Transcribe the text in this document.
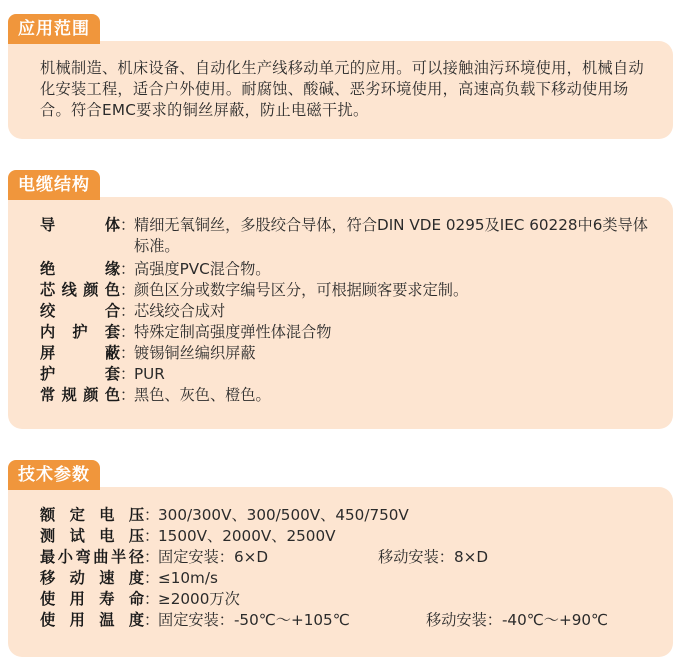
应用范围
机械制造、机床设备、自动化生产线移动单元的应用。可以接触油污环境使用，机械自动化安装工程，适合户外使用。耐腐蚀、酸碱、恶劣环境使用，高速高负载下移动使用场合。符合EMC要求的铜丝屏蔽，防止电磁干扰。
电缆结构
导体：精细无氧铜丝，多股绞合导体，符合DIN VDE 0295及IEC 60228中6类导体标准。
绝缘：高强度PVC混合物。
芯线颜色：颜色区分或数字编号区分，可根据顾客要求定制。
绞合：芯线绞合成对
内护套：特殊定制高强度弹性体混合物
屏蔽：镀锡铜丝编织屏蔽
护套：PUR
常规颜色：黑色、灰色、橙色。
技术参数
额定电压：300/300V、300/500V、450/750V
测试电压：1500V、2000V、2500V
最小弯曲半径：固定安装：6×D	移动安装：8×D
移动速度：≤10m/s
使用寿命：≥2000万次
使用温度：固定安装：-50℃～+105℃	移动安装：-40℃～+90℃
